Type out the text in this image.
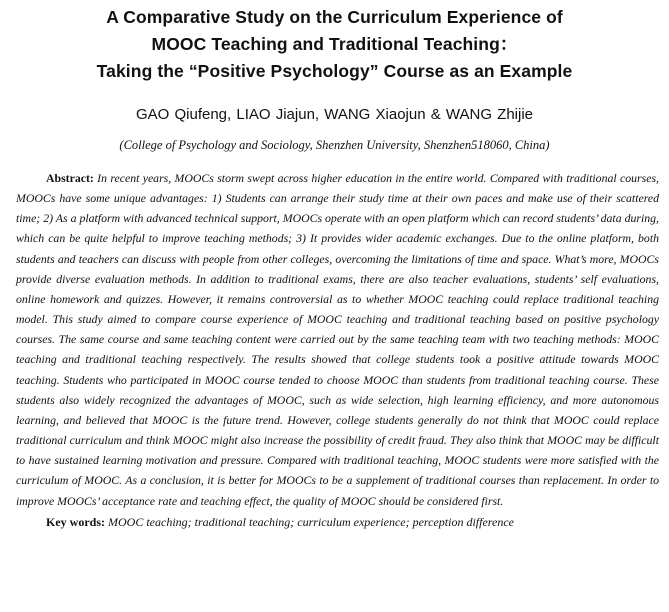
A Comparative Study on the Curriculum Experience of
MOOC Teaching and Traditional Teaching：
Taking the “Positive Psychology” Course as an Example
GAO Qiufeng, LIAO Jiajun, WANG Xiaojun & WANG Zhijie
(College of Psychology and Sociology, Shenzhen University, Shenzhen518060, China)

Abstract: In recent years, MOOCs storm swept across higher education in the entire world. Compared with traditional courses, MOOCs have some unique advantages: 1) Students can arrange their study time at their own paces and make use of their scattered time; 2) As a platform with advanced technical support, MOOCs operate with an open platform which can record students’ data during, which can be quite helpful to improve teaching methods; 3) It provides wider academic exchanges. Due to the online platform, both students and teachers can discuss with people from other colleges, overcoming the limitations of time and space. What’s more, MOOCs provide diverse evaluation methods. In addition to traditional exams, there are also teacher evaluations, students’ self evaluations, online homework and quizzes. However, it remains controversial as to whether MOOC teaching could replace traditional teaching model. This study aimed to compare course experience of MOOC teaching and traditional teaching based on positive psychology courses. The same course and same teaching content were carried out by the same teaching team with two teaching methods: MOOC teaching and traditional teaching respectively. The results showed that college students took a positive attitude towards MOOC teaching. Students who participated in MOOC course tended to choose MOOC than students from traditional teaching course. These students also widely recognized the advantages of MOOC, such as wide selection, high learning efficiency, and more autonomous learning, and believed that MOOC is the future trend. However, college students generally do not think that MOOC could replace traditional curriculum and think MOOC might also increase the possibility of credit fraud. They also think that MOOC may be difficult to have sustained learning motivation and pressure. Compared with traditional teaching, MOOC students were more satisfied with the curriculum of MOOC. As a conclusion, it is better for MOOCs to be a supplement of traditional courses than replacement. In order to improve MOOCs’ acceptance rate and teaching effect, the quality of MOOC should be considered first.

Key words: MOOC teaching; traditional teaching; curriculum experience; perception difference
